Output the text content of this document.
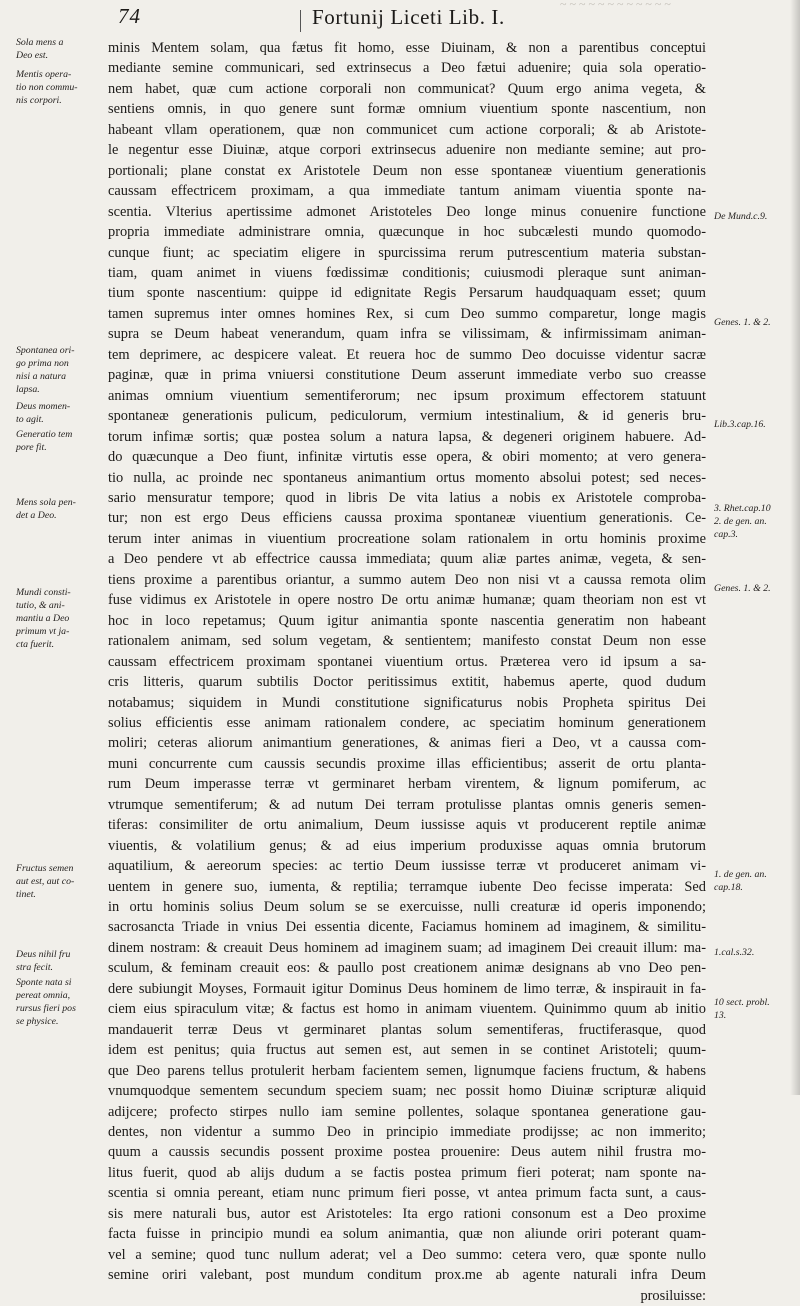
~ ~ ~ ~ ~ ~ ~ ~ ~ ~ ~ ~
74	Fortunij Liceti Lib. I.
minis Mentem solam, qua fætus fit homo, esse Diuinam, & non a parentibus conceptui
mediante semine communicari, sed extrinsecus a Deo fætui aduenire; quia sola operatio-
nem habet, quæ cum actione corporali non communicat? Quum ergo anima vegeta, &
sentiens omnis, in quo genere sunt formæ omnium viuentium sponte nascentium, non
habeant vllam operationem, quæ non communicet cum actione corporali; & ab Aristote-
le negentur esse Diuinæ, atque corpori extrinsecus aduenire non mediante semine; aut pro-
portionali; plane constat ex Aristotele Deum non esse spontaneæ viuentium generationis
caussam effectricem proximam, a qua immediate tantum animam viuentia sponte na-
scentia. Vlterius apertissime admonet Aristoteles Deo longe minus conuenire functione
propria immediate administrare omnia, quæcunque in hoc subcælesti mundo quomodo-
cunque fiunt; ac speciatim eligere in spurcissima rerum putrescentium materia substan-
tiam, quam animet in viuens fœdissimæ conditionis; cuiusmodi pleraque sunt animan-
tium sponte nascentium: quippe id edignitate Regis Persarum haudquaquam esset; quum
tamen supremus inter omnes homines Rex, si cum Deo summo comparetur, longe magis
supra se Deum habeat venerandum, quam infra se vilissimam, & infirmissimam animan-
tem deprimere, ac despicere valeat. Et reuera hoc de summo Deo docuisse videntur sacræ
paginæ, quæ in prima vniuersi constitutione Deum asserunt immediate verbo suo creasse
animas omnium viuentium sementiferorum; nec ipsum proximum effectorem statuunt
spontaneæ generationis pulicum, pediculorum, vermium intestinalium, & id generis bru-
torum infimæ sortis; quæ postea solum a natura lapsa, & degeneri originem habuere. Ad-
do quæcunque a Deo fiunt, infinitæ virtutis esse opera, & obiri momento; at vero genera-
tio nulla, ac proinde nec spontaneus animantium ortus momento absolui potest; sed neces-
sario mensuratur tempore; quod in libris De vita latius a nobis ex Aristotele comproba-
tur; non est ergo Deus efficiens caussa proxima spontaneæ viuentium generationis. Ce-
terum inter animas in viuentium procreatione solam rationalem in ortu hominis proxime
a Deo pendere vt ab effectrice caussa immediata; quum aliæ partes animæ, vegeta, & sen-
tiens proxime a parentibus oriantur, a summo autem Deo non nisi vt a caussa remota olim
fuse vidimus ex Aristotele in opere nostro De ortu animæ humanæ; quam theoriam non est vt
hoc in loco repetamus; Quum igitur animantia sponte nascentia generatim non habeant
rationalem animam, sed solum vegetam, & sentientem; manifesto constat Deum non esse
caussam effectricem proximam spontanei viuentium ortus. Præterea vero id ipsum a sa-
cris litteris, quarum subtilis Doctor peritissimus extitit, habemus aperte, quod dudum
notabamus; siquidem in Mundi constitutione significaturus nobis Propheta spiritus Dei
solius efficientis esse animam rationalem condere, ac speciatim hominum generationem
moliri; ceteras aliorum animantium generationes, & animas fieri a Deo, vt a caussa com-
muni concurrente cum caussis secundis proxime illas efficientibus; asserit de ortu planta-
rum Deum imperasse terræ vt germinaret herbam virentem, & lignum pomiferum, ac
vtrumque sementiferum; & ad nutum Dei terram protulisse plantas omnis generis semen-
tiferas: consimiliter de ortu animalium, Deum iussisse aquis vt producerent reptile animæ
viuentis, & volatilium genus; & ad eius imperium produxisse aquas omnia brutorum
aquatilium, & aereorum species: ac tertio Deum iussisse terræ vt produceret animam vi-
uentem in genere suo, iumenta, & reptilia; terramque iubente Deo fecisse imperata: Sed
in ortu hominis solius Deum solum se se exercuisse, nulli creaturæ id operis imponendo;
sacrosancta Triade in vnius Dei essentia dicente, Faciamus hominem ad imaginem, & similitu-
dinem nostram: & creauit Deus hominem ad imaginem suam; ad imaginem Dei creauit illum: ma-
sculum, & feminam creauit eos: & paullo post creationem animæ designans ab vno Deo pen-
dere subiungit Moyses, Formauit igitur Dominus Deus hominem de limo terræ, & inspirauit in fa-
ciem eius spiraculum vitæ; & factus est homo in animam viuentem. Quinimmo quum ab initio
mandauerit terræ Deus vt germinaret plantas solum sementiferas, fructiferasque, quod
idem est penitus; quia fructus aut semen est, aut semen in se continet Aristoteli; quum-
que Deo parens tellus protulerit herbam facientem semen, lignumque faciens fructum, & habens
vnumquodque sementem secundum speciem suam; nec possit homo Diuinæ scripturæ aliquid
adijcere; profecto stirpes nullo iam semine pollentes, solaque spontanea generatione gau-
dentes, non videntur a summo Deo in principio immediate prodijsse; ac non immerito;
quum a caussis secundis possent proxime postea prouenire: Deus autem nihil frustra mo-
litus fuerit, quod ab alijs dudum a se factis postea primum fieri poterat; nam sponte na-
scentia si omnia pereant, etiam nunc primum fieri posse, vt antea primum facta sunt, a caus-
sis mere naturali bus, autor est Aristoteles: Ita ergo rationi consonum est a Deo proxime
facta fuisse in principio mundi ea solum animantia, quæ non aliunde oriri poterant quam-
vel a semine; quod tunc nullum aderat; vel a Deo summo: cetera vero, quæ sponte nullo
semine oriri valebant, post mundum conditum prox.me ab agente naturali infra Deum
prosiluisse:
Sola mens a
Deo est.
Mentis opera-
tio non commu-
nis corpori.
Spontanea ori-
go prima non
nisi a natura
lapsa.
Deus momen-
to agit.
Generatio tem
pore fit.
Mens sola pen-
det a Deo.
Mundi consti-
tutio, & ani-
mantiu a Deo
primum vt ja-
cta fuerit.
Fructus semen
aut est, aut co-
tinet.
Deus nihil fru
stra fecit.
Sponte nata si
pereat omnia,
rursus fieri pos
se physice.
De Mund.c.9.
Genes. 1. & 2.
Lib.3.cap.16.
3. Rhet.cap.10
2. de gen. an.
cap.3.
Genes. 1. & 2.
1. de gen. an.
cap.18.
1.cal.s.32.
10 sect. probl.
13.
